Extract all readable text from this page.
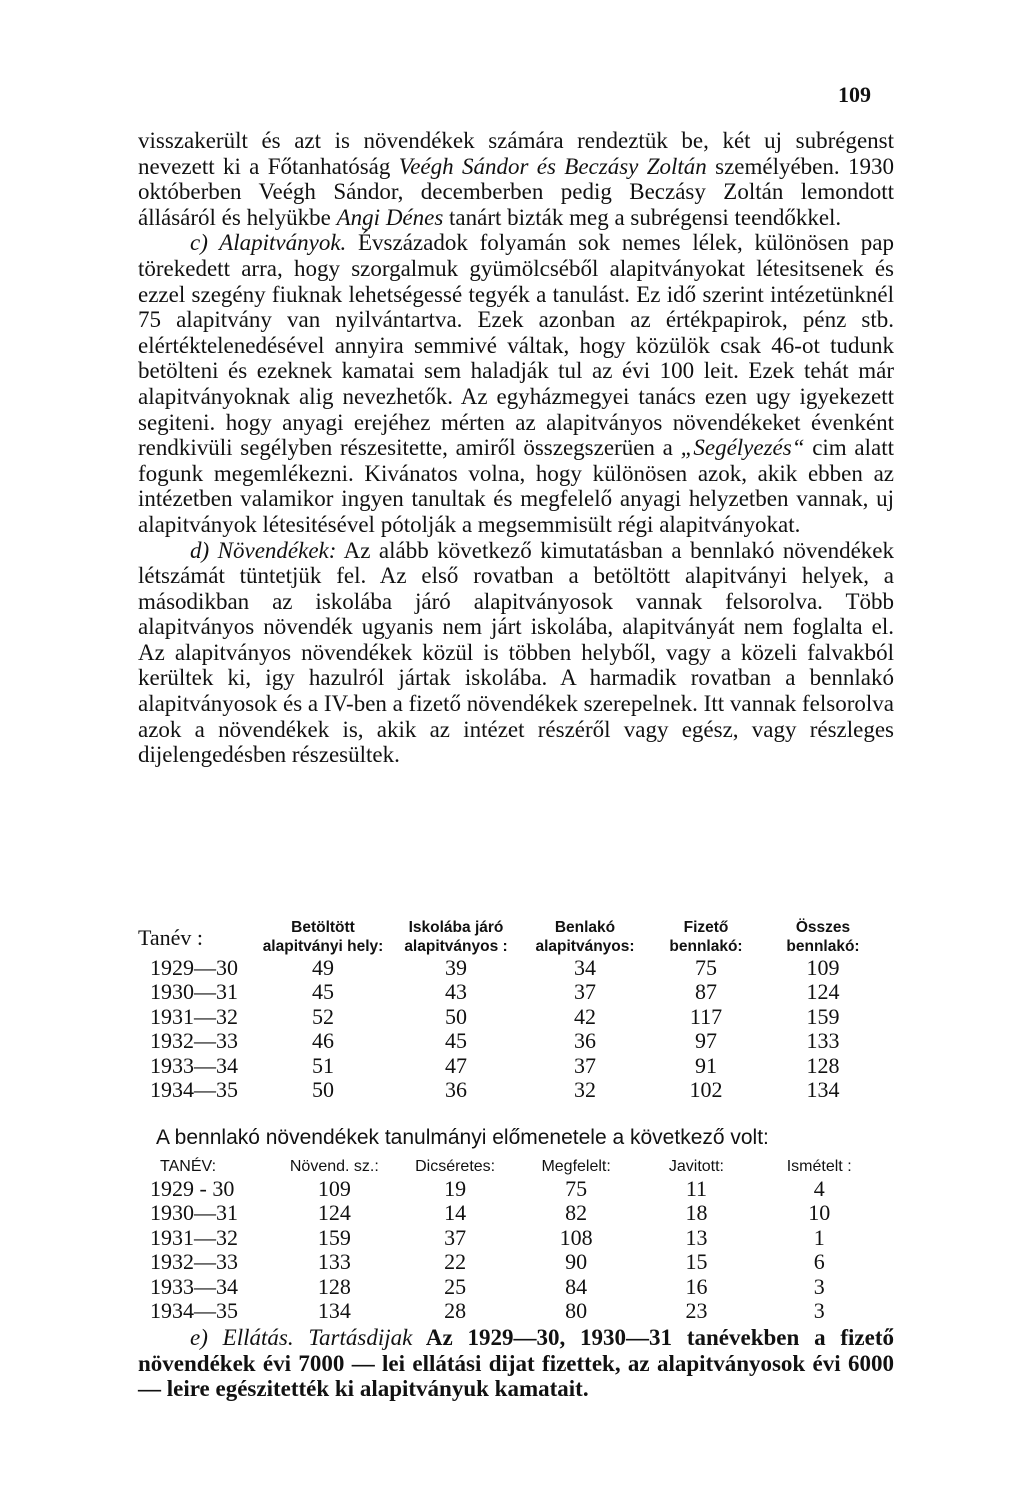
109

visszakerült és azt is növendékek számára rendeztük be, két uj subrégenst nevezett ki a Főtanhatóság Veégh Sándor és Beczásy Zoltán személyében. 1930 októberben Veégh Sándor, decemberben pedig Beczásy Zoltán lemondott állásáról és helyükbe Angi Dénes tanárt bizták meg a subrégensi teendőkkel.

c) Alapitványok. Évszázadok folyamán sok nemes lélek, különösen pap törekedett arra, hogy szorgalmuk gyümölcséből alapitványokat létesitsenek és ezzel szegény fiuknak lehetségessé tegyék a tanulást. Ez idő szerint intézetünknél 75 alapitvány van nyilvántartva. Ezek azonban az értékpapirok, pénz stb. elértéktelenedésével annyira semmivé váltak, hogy közülök csak 46-ot tudunk betölteni és ezeknek kamatai sem haladják tul az évi 100 leit. Ezek tehát már alapitványoknak alig nevezhetők. Az egyházmegyei tanács ezen ugy igyekezett segiteni. hogy anyagi erejéhez mérten az alapitványos növendékeket évenként rendkivüli segélyben részesitette, amiről összegszerüen a „Segélyezés“ cim alatt fogunk megemlékezni. Kivánatos volna, hogy különösen azok, akik ebben az intézetben valamikor ingyen tanultak és megfelelő anyagi helyzetben vannak, uj alapitványok létesitésével pótolják a megsemmisült régi alapitványokat.

d) Növendékek: Az alább következő kimutatásban a bennlakó növendékek létszámát tüntetjük fel. Az első rovatban a betöltött alapitványi helyek, a másodikban az iskolába járó alapitványosok vannak felsorolva. Több alapitványos növendék ugyanis nem járt iskolába, alapitványát nem foglalta el. Az alapitványos növendékek közül is többen helyből, vagy a közeli falvakból kerültek ki, igy hazulról jártak iskolába. A harmadik rovatban a bennlakó alapitványosok és a IV-ben a fizető növendékek szerepelnek. Itt vannak felsorolva azok a növendékek is, akik az intézet részéről vagy egész, vagy részleges dijelengedésben részesültek.

Tanév :	Betöltött alapitványi hely:	Iskolába járó alapitványos :	Benlakó alapitványos:	Fizető bennlakó:	Összes bennlakó:
1929—30	49	39	34	75	109
1930—31	45	43	37	87	124
1931—32	52	50	42	117	159
1932—33	46	45	36	97	133
1933—34	51	47	37	91	128
1934—35	50	36	32	102	134
A bennlakó növendékek tanulmányi előmenetele a következő volt:
TANÉV:	Növend. sz.:	Dicséretes:	Megfelelt:	Javitott:	Ismételt :
1929 - 30	109	19	75	11	4
1930—31	124	14	82	18	10
1931—32	159	37	108	13	1
1932—33	133	22	90	15	6
1933—34	128	25	84	16	3
1934—35	134	28	80	23	3

e) Ellátás. Tartásdijak Az 1929—30, 1930—31 tanévekben a fizető növendékek évi 7000 — lei ellátási dijat fizettek, az alapitványosok évi 6000 — leire egészitették ki alapitványuk kamatait.
